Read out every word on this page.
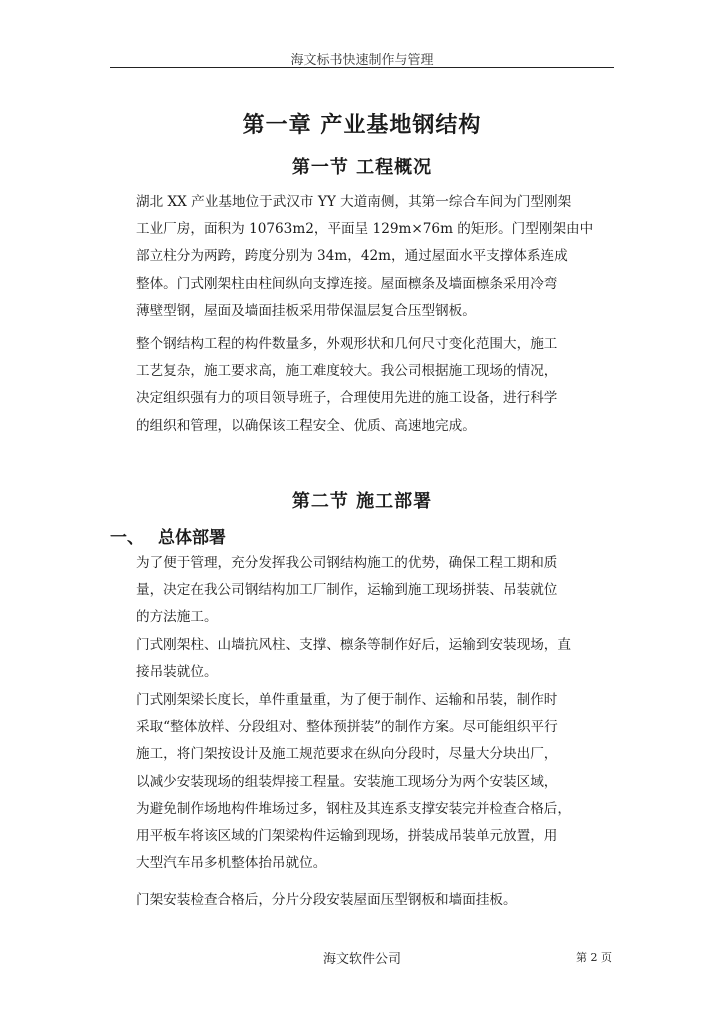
海文标书快速制作与管理
第一章 产业基地钢结构
第一节 工程概况
湖北 XX 产业基地位于武汉市 YY 大道南侧，其第一综合车间为门型刚架
工业厂房，面积为 10763m2，平面呈 129m×76m 的矩形。门型刚架由中
部立柱分为两跨，跨度分别为 34m，42m，通过屋面水平支撑体系连成
整体。门式刚架柱由柱间纵向支撑连接。屋面檩条及墙面檩条采用冷弯
薄壁型钢，屋面及墙面挂板采用带保温层复合压型钢板。
整个钢结构工程的构件数量多，外观形状和几何尺寸变化范围大，施工
工艺复杂，施工要求高，施工难度较大。我公司根据施工现场的情况，
决定组织强有力的项目领导班子，合理使用先进的施工设备，进行科学
的组织和管理，以确保该工程安全、优质、高速地完成。
第二节 施工部署
一、 总体部署
为了便于管理，充分发挥我公司钢结构施工的优势，确保工程工期和质
量，决定在我公司钢结构加工厂制作，运输到施工现场拼装、吊装就位
的方法施工。
门式刚架柱、山墙抗风柱、支撑、檩条等制作好后，运输到安装现场，直
接吊装就位。
门式刚架梁长度长，单件重量重，为了便于制作、运输和吊装，制作时
采取“整体放样、分段组对、整体预拼装”的制作方案。尽可能组织平行
施工，将门架按设计及施工规范要求在纵向分段时，尽量大分块出厂，
以减少安装现场的组装焊接工程量。安装施工现场分为两个安装区域，
为避免制作场地构件堆场过多，钢柱及其连系支撑安装完并检查合格后，
用平板车将该区域的门架梁构件运输到现场，拼装成吊装单元放置，用
大型汽车吊多机整体抬吊就位。
门架安装检查合格后，分片分段安装屋面压型钢板和墙面挂板。
海文软件公司	第 2 页
